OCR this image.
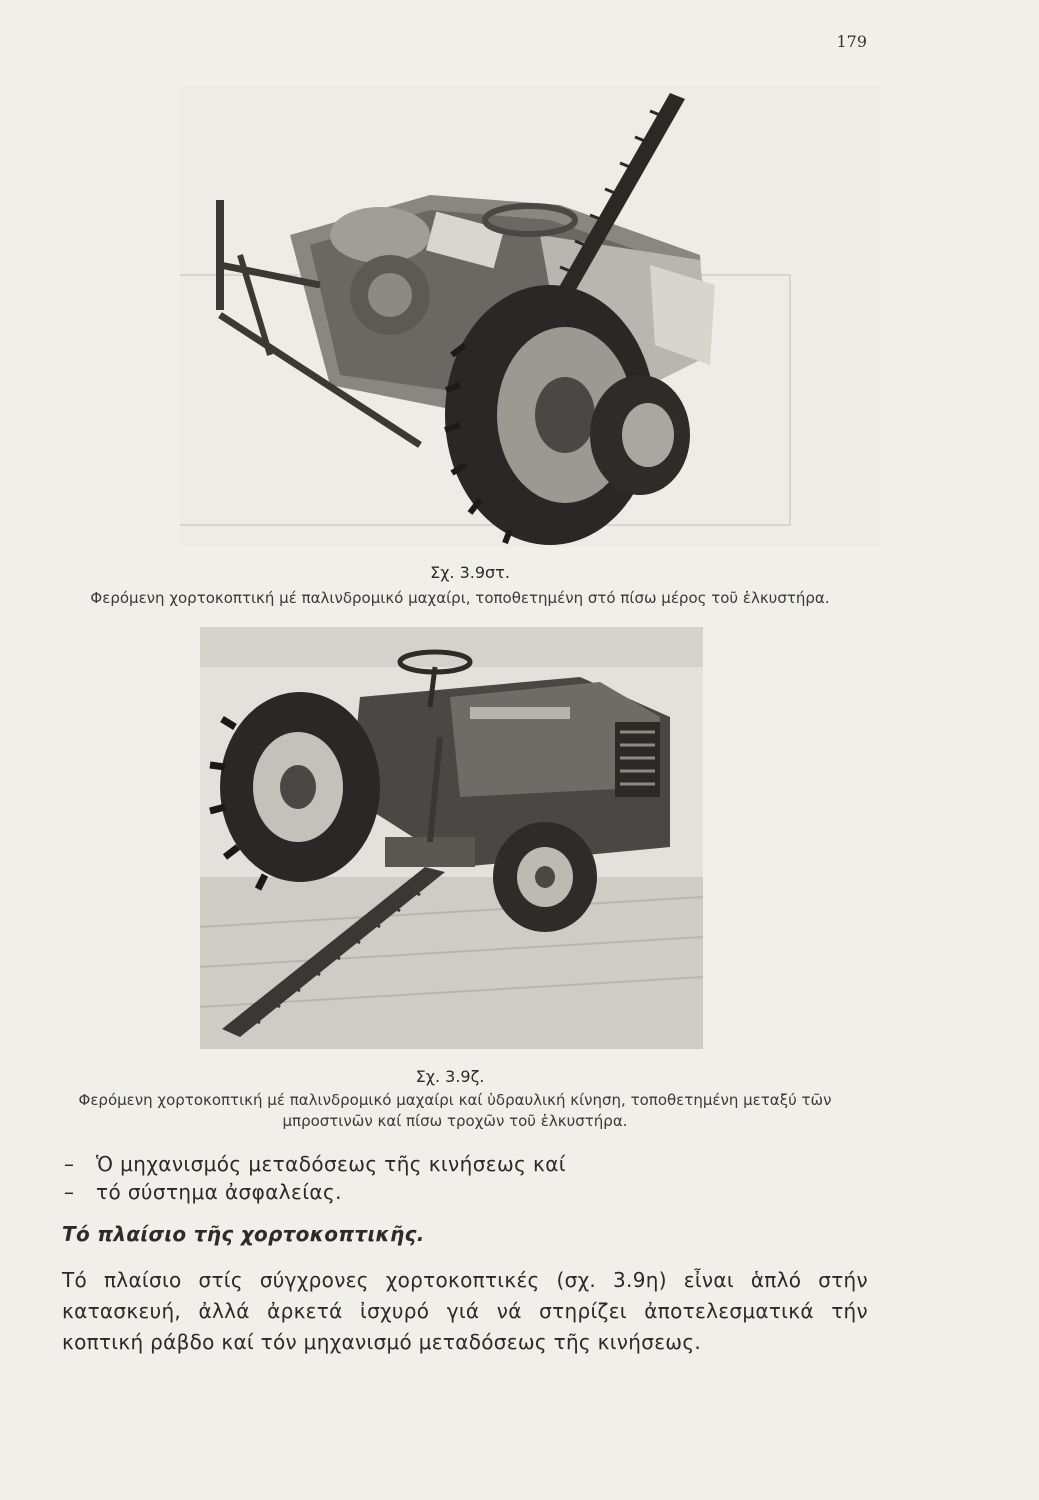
179
Σχ. 3.9στ.
Φερόμενη χορτοκοπτική μέ παλινδρομικό μαχαίρι, τοποθετημένη στό πίσω μέρος τοῦ ἑλκυστήρα.
Σχ. 3.9ζ.
Φερόμενη χορτοκοπτική μέ παλινδρομικό μαχαίρι καί ὑδραυλική κίνηση, τοποθετημένη μεταξύ τῶν
μπροστινῶν καί πίσω τροχῶν τοῦ ἑλκυστήρα.
– Ὁ μηχανισμός μεταδόσεως τῆς κινήσεως καί
– τό σύστημα ἀσφαλείας.
Τό πλαίσιο τῆς χορτοκοπτικῆς.
Τό πλαίσιο στίς σύγχρονες χορτοκοπτικές (σχ. 3.9η) εἶναι ἁπλό στήν κατασκευή, ἀλλά ἀρκετά ἰσχυρό γιά νά στηρίζει ἀποτελεσματικά τήν κοπτική ράβδο καί τόν μηχανισμό μεταδόσεως τῆς κινήσεως.
